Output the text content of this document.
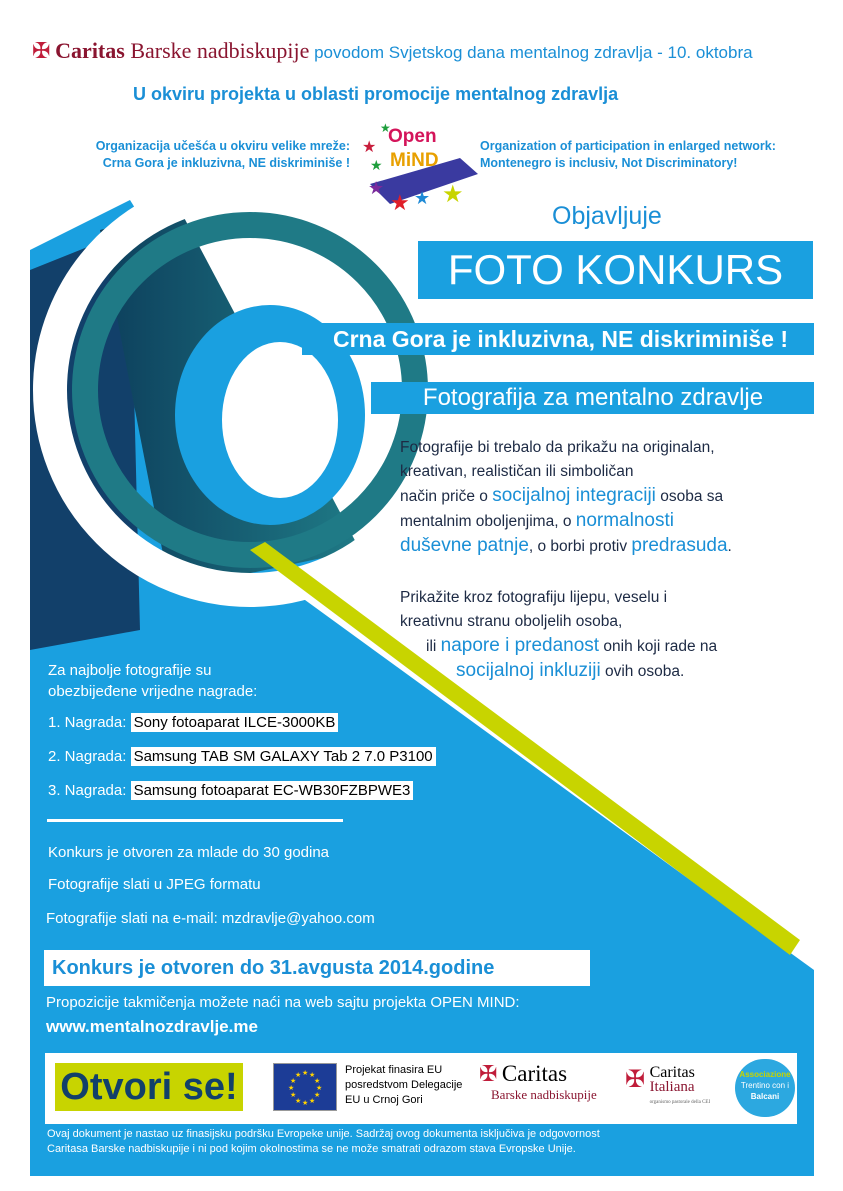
✠ Caritas Barske nadbiskupije povodom Svjetskog dana mentalnog zdravlja - 10. oktobra
U okviru projekta u oblasti promocije mentalnog zdravlja
Organizacija učešća u okviru velike mreže:
Crna Gora je inkluzivna, NE diskriminiše !
Open
MiND
★
★
★
★ ★ ★
★
Organization of participation in enlarged network:
Montenegro is inclusiv, Not Discriminatory!
Objavljuje
FOTO KONKURS
Crna Gora je inkluzivna, NE diskriminiše !
Fotografija za mentalno zdravlje
Fotografije bi trebalo da prikažu na originalan,
kreativan, realističan ili simboličan
način priče o socijalnoj integraciji osoba sa
mentalnim oboljenjima, o normalnosti
duševne patnje, o borbi protiv predrasuda.
Prikažite kroz fotografiju lijepu, veselu i
kreativnu stranu oboljelih osoba,
ili napore i predanost onih koji rade na
socijalnoj inkluziji ovih osoba.
Za najbolje fotografije su
obezbijeđene vrijedne nagrade:
1. Nagrada: Sony fotoaparat ILCE-3000KB
2. Nagrada: Samsung TAB SM GALAXY Tab 2 7.0 P3100
3. Nagrada: Samsung fotoaparat EC-WB30FZBPWE3
Konkurs je otvoren za mlade do 30 godina
Fotografije slati u JPEG formatu
Fotografije slati na e-mail: mzdravlje@yahoo.com
Konkurs je otvoren do 31.avgusta 2014.godine
Propozicije takmičenja možete naći na web sajtu projekta OPEN MIND:
www.mentalnozdravlje.me
Otvori se!	★ ★
★
★
★
★
★
★
★
★
★
★	Projekat finasira EU
posredstvom Delegacije
EU u Crnoj Gori
✠ Caritas
Barske nadbiskupije
✠ Caritas
Italiana
organismo pastorale della CEI
Associazione
Trentino con i
Balcani
Ovaj dokument je nastao uz finasijsku podršku Evropeke unije. Sadržaj ovog dokumenta isključiva je odgovornost
Caritasa Barske nadbiskupije i ni pod kojim okolnostima se ne može smatrati odrazom stava Evropske Unije.
